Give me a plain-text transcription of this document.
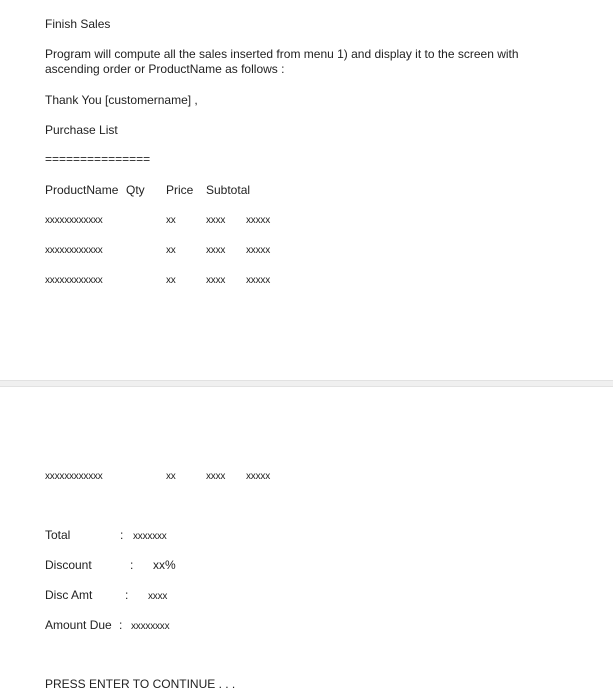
Finish Sales
Program will compute all the sales inserted from menu 1) and display it to the screen with ascending order or ProductName as follows :
Thank You [customername] ,
Purchase List
===============
ProductName Qty Price Subtotal
xxxxxxxxxxxx	xx	xxxx xxxxx
xxxxxxxxxxxx	xx	xxxx xxxxx
xxxxxxxxxxxx	xx	xxxx xxxxx
xxxxxxxxxxxx	xx	xxxx xxxxx
Total	: xxxxxxx
Discount	: xx%
Disc Amt	: xxxx
Amount Due : xxxxxxxx
PRESS ENTER TO CONTINUE . . .
